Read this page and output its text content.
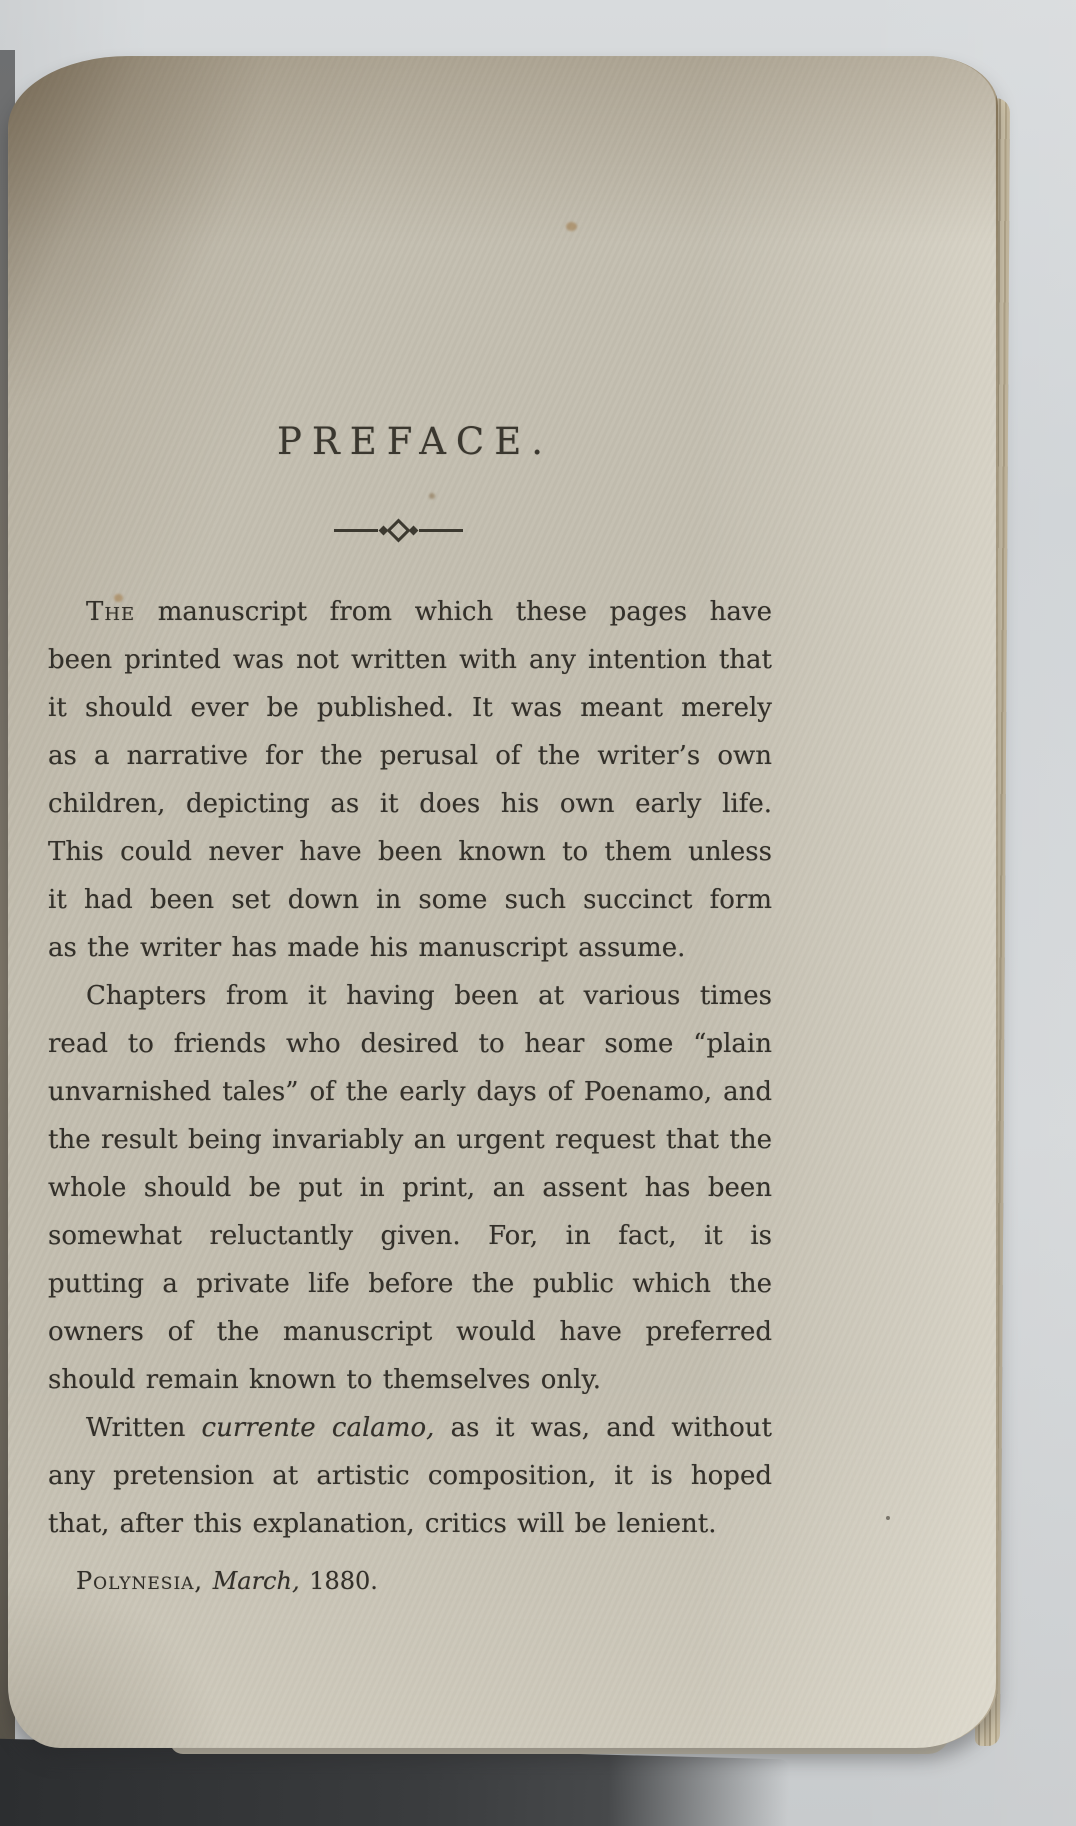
PREFACE.
The manuscript from which these pages have
been printed was not written with any intention that
it should ever be published. It was meant merely
as a narrative for the perusal of the writer’s own
children, depicting as it does his own early life.
This could never have been known to them unless
it had been set down in some such succinct form
as the writer has made his manuscript assume.
Chapters from it having been at various times
read to friends who desired to hear some “plain
unvarnished tales” of the early days of Poenamo, and
the result being invariably an urgent request that the
whole should be put in print, an assent has been
somewhat reluctantly given. For, in fact, it is
putting a private life before the public which the
owners of the manuscript would have preferred
should remain known to themselves only.
Written currente calamo, as it was, and without
any pretension at artistic composition, it is hoped
that, after this explanation, critics will be lenient.
Polynesia, March, 1880.
